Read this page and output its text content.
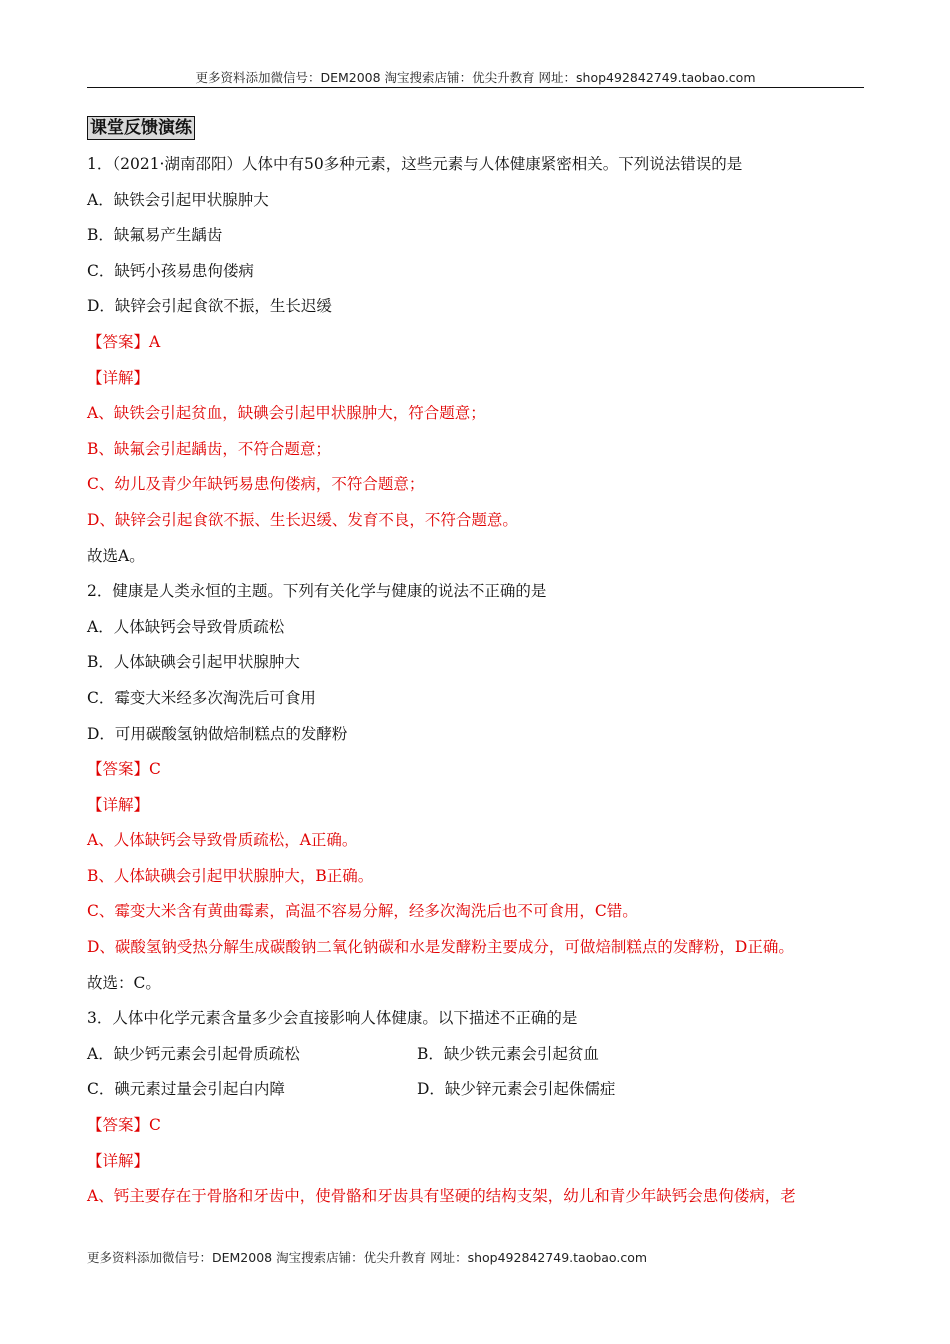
更多资料添加微信号：DEM2008 淘宝搜索店铺：优尖升教育 网址：shop492842749.taobao.com
课堂反馈演练
1．（2021·湖南邵阳）人体中有50多种元素，这些元素与人体健康紧密相关。下列说法错误的是
A．缺铁会引起甲状腺肿大
B．缺氟易产生龋齿
C．缺钙小孩易患佝偻病
D．缺锌会引起食欲不振，生长迟缓
【答案】A
【详解】
A、缺铁会引起贫血，缺碘会引起甲状腺肿大，符合题意；
B、缺氟会引起龋齿，不符合题意；
C、幼儿及青少年缺钙易患佝偻病，不符合题意；
D、缺锌会引起食欲不振、生长迟缓、发育不良，不符合题意。
故选A。
2．健康是人类永恒的主题。下列有关化学与健康的说法不正确的是
A．人体缺钙会导致骨质疏松
B．人体缺碘会引起甲状腺肿大
C．霉变大米经多次淘洗后可食用
D．可用碳酸氢钠做焙制糕点的发酵粉
【答案】C
【详解】
A、人体缺钙会导致骨质疏松，A正确。
B、人体缺碘会引起甲状腺肿大，B正确。
C、霉变大米含有黄曲霉素，高温不容易分解，经多次淘洗后也不可食用，C错。
D、碳酸氢钠受热分解生成碳酸钠二氧化钠碳和水是发酵粉主要成分，可做焙制糕点的发酵粉，D正确。
故选：C。
3．人体中化学元素含量多少会直接影响人体健康。以下描述不正确的是
A．缺少钙元素会引起骨质疏松	B．缺少铁元素会引起贫血
C．碘元素过量会引起白内障	D．缺少锌元素会引起侏儒症
【答案】C
【详解】
A、钙主要存在于骨胳和牙齿中，使骨骼和牙齿具有坚硬的结构支架，幼儿和青少年缺钙会患佝偻病，老
更多资料添加微信号：DEM2008 淘宝搜索店铺：优尖升教育 网址：shop492842749.taobao.com
